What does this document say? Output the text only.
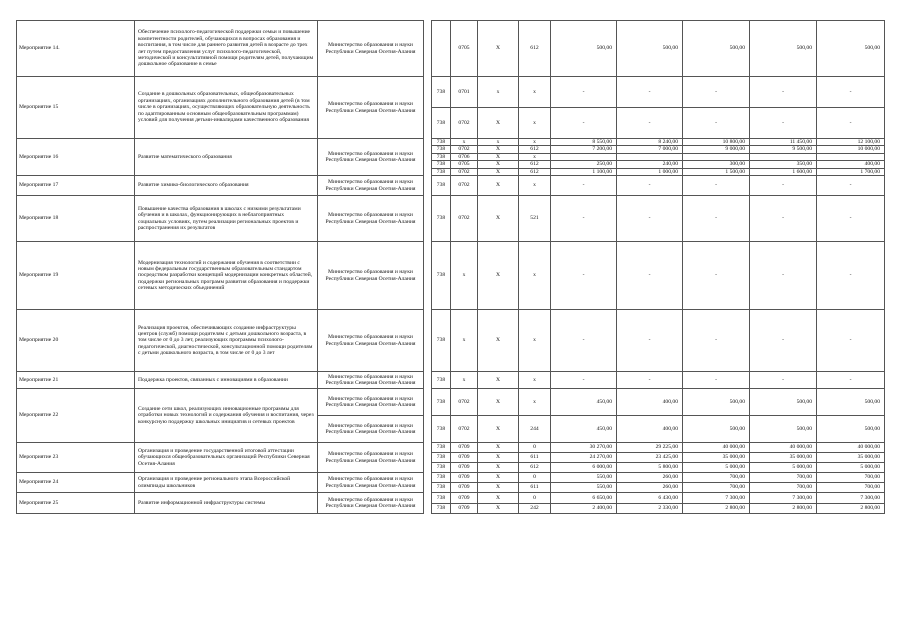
Мероприятие 14.	Обеспечение психолого-педагогической поддержки семьи и повышение компетентности родителей, обучающихся в вопросах образования и воспитания, в том числе для раннего развития детей в возрасте до трех лет путем предоставления услуг психолого-педагогической, методической и консультативной помощи родителям детей, получающим дошкольное образование в семье	Министерство образования и науки Республики Северная Осетия-Алания			0705	X	612	500,00	500,00	500,00	500,00	500,00
Мероприятие 15	Создание в дошкольных образовательных, общеобразовательных организациях, организациях дополнительного образования детей (в том числе в организациях, осуществляющих образовательную деятельность по адаптированным основным общеобразовательным программам) условий для получения детьми-инвалидами качественного образования	Министерство образования и науки Республики Северная Осетия-Алания		738	0701	x	x	-	-	-	-	-
				738	0702	X	x	-	-	-	-	-
Мероприятие 16	Развитие математического образования	Министерство образования и науки Республики Северная Осетия-Алания		738	x	x	x	8 550,00	8 240,00	10 800,00	11 450,00	12 100,00
				738	0702	X	612	7 200,00	7 000,00	9 000,00	9 500,00	10 000,00
				738	0706	X	x					
				738	0705	X	612	250,00	240,00	300,00	350,00	400,00
				738	0702	X	612	1 100,00	1 000,00	1 500,00	1 600,00	1 700,00
Мероприятие 17	Развитие химико-биологического образования	Министерство образования и науки Республики Северная Осетия-Алания		738	0702	X	x	-	-	-	-	-
Мероприятие 18	Повышение качества образования в школах с низкими результатами обучения и в школах, функционирующих в неблагоприятных социальных условиях, путем реализации региональных проектов и распространения их результатов	Министерство образования и науки Республики Северная Осетия-Алания		738	0702	X	521	-	-	-	-	-
Мероприятие 19	Модернизация технологий и содержания обучения в соответствии с новым федеральным государственным образовательным стандартом посредством разработки концепций модернизации конкретных областей, поддержки региональных программ развития образования и поддержки сетевых методических объединений	Министерство образования и науки Республики Северная Осетия-Алания		738	x	X	x	-	-	-	-	-
Мероприятие 20	Реализация проектов, обеспечивающих создание инфраструктуры центров (служб) помощи родителям с детьми дошкольного возраста, в том числе от 0 до 3 лет, реализующих программы психолого-педагогической, диагностической, консультационной помощи родителям с детьми дошкольного возраста, в том числе от 0 до 3 лет	Министерство образования и науки Республики Северная Осетия-Алания		738	x	X	x	-	-	-	-	-
Мероприятие 21	Поддержка проектов, связанных с инновациями в образовании	Министерство образования и науки Республики Северная Осетия-Алания		738	x	X	x	-	-	-	-	-
Мероприятие 22	Создание сети школ, реализующих инновационные программы для отработки новых технологий и содержания обучения и воспитания, через конкурсную поддержку школьных инициатив и сетевых проектов	Министерство образования и науки Республики Северная Осетия-Алания		738	0702	X	x	450,00	400,00	500,00	500,00	500,00
		Министерство образования и науки Республики Северная Осетия-Алания		738	0702	X	244	450,00	400,00	500,00	500,00	500,00
Мероприятие 23	Организация и проведение государственной итоговой аттестации обучающихся общеобразовательных организаций Республики Северная Осетия-Алания	Министерство образования и науки Республики Северная Осетия-Алания		738	0709	X	0	30 270,00	29 225,00	40 000,00	40 000,00	40 000,00
				738	0709	X	611	24 270,00	23 425,00	35 000,00	35 000,00	35 000,00
				738	0709	X	612	6 000,00	5 800,00	5 000,00	5 000,00	5 000,00
Мероприятие 24	Организация и проведение регионального этапа Всероссийской олимпиады школьников	Министерство образования и науки Республики Северная Осетия-Алания		738	0709	X	0	550,00	260,00	700,00	700,00	700,00
				738	0709	X	611	550,00	260,00	700,00	700,00	700,00
Мероприятие 25	Развитие информационной инфраструктуры системы	Министерство образования и науки Республики Северная Осетия-Алания		738	0709	X	0	6 650,00	6 430,00	7 300,00	7 300,00	7 300,00
				738	0709	X	242	2 400,00	2 330,00	2 800,00	2 800,00	2 800,00
